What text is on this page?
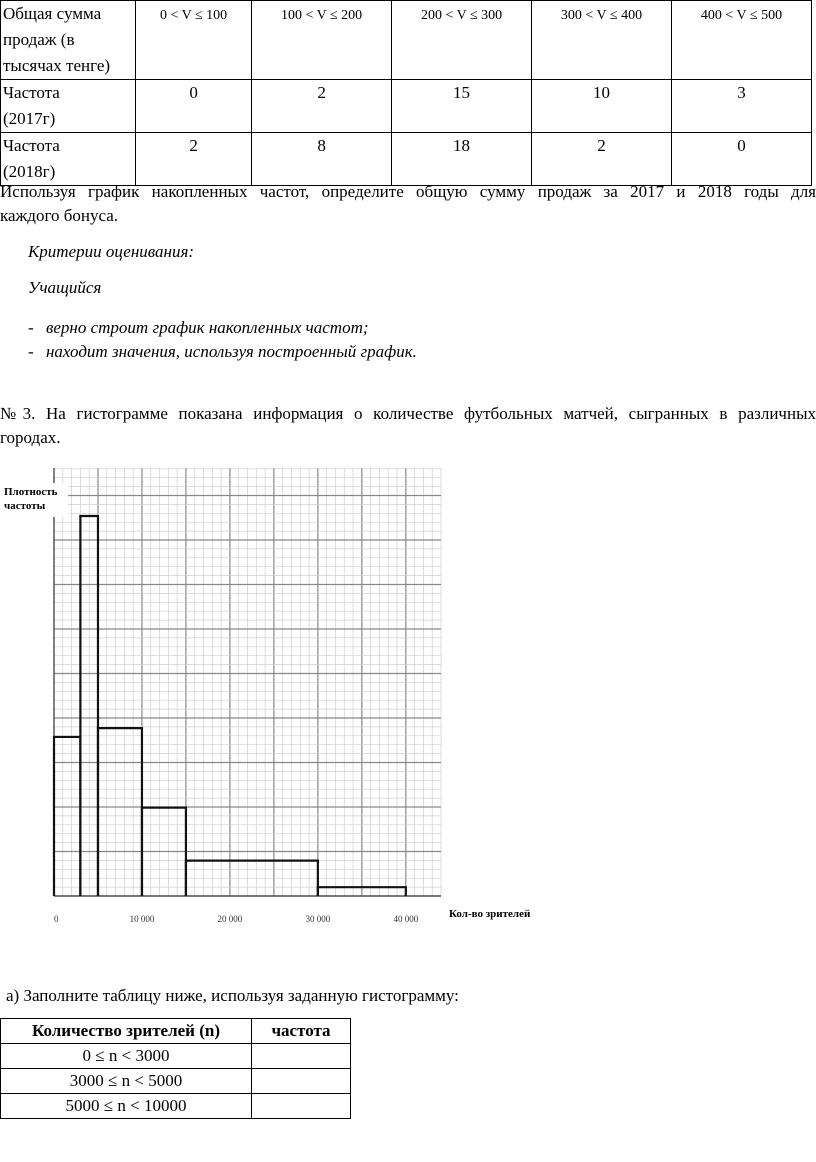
Общая сумма продаж (в тысячах тенге)	0 < V ≤ 100	100 < V ≤ 200	200 < V ≤ 300	300 < V ≤ 400	400 < V ≤ 500
Частота
(2017г)	0	2	15	10	3
Частота
(2018г)	2	8	18	2	0
Используя график накопленных частот, определите общую сумму продаж за 2017 и 2018 годы для
каждого бонуса.
Критерии оценивания:
Учащийся
- верно строит график накопленных частот;
- находит значения, используя построенный график.
№3. На гистограмме показана информация о количестве футбольных матчей, сыгранных в различных
городах.
0	10 000	20 000	30 000	40 000
Плотность
частоты
Кол-во зрителей
а) Заполните таблицу ниже, используя заданную гистограмму:
Количество зрителей (n)	частота
0 ≤ n < 3000	
3000 ≤ n < 5000	
5000 ≤ n < 10000	
